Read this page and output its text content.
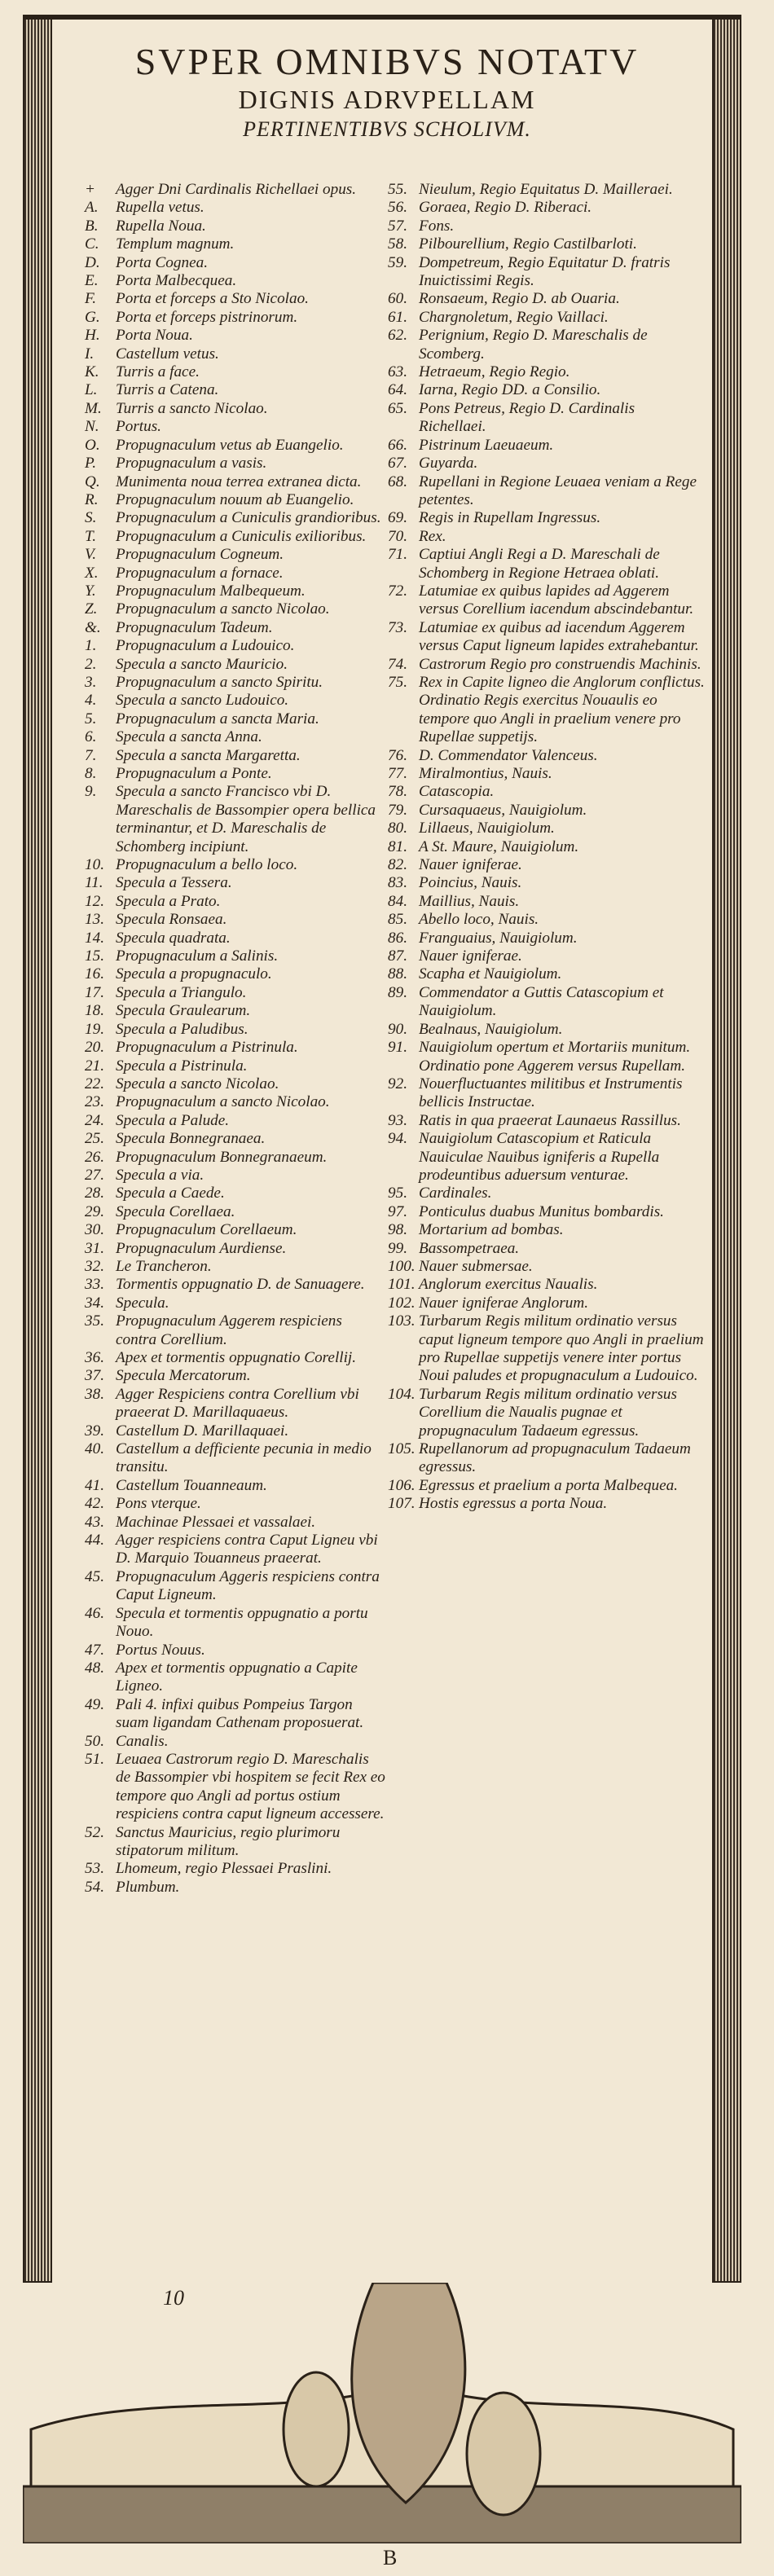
SVPER OMNIBVS NOTATV
DIGNIS ADRVPELLAM
PERTINENTIBVS SCHOLIVM.
+	Agger Dni Cardinalis Richellaei opus.
A.	Rupella vetus.
B.	Rupella Noua.
C.	Templum magnum.
D.	Porta Cognea.
E.	Porta Malbecquea.
F.	Porta et forceps a Sto Nicolao.
G.	Porta et forceps pistrinorum.
H.	Porta Noua.
I.	Castellum vetus.
K.	Turris a face.
L.	Turris a Catena.
M. Turris a sancto Nicolao.
N.	Portus.
O.	Propugnaculum vetus ab Euangelio.
P.	Propugnaculum a vasis.
Q.	Munimenta noua terrea extranea dicta.
R.	Propugnaculum nouum ab Euangelio.
S.	Propugnaculum a Cuniculis grandioribus.
T.	Propugnaculum a Cuniculis exilioribus.
V.	Propugnaculum Cogneum.
X.	Propugnaculum a fornace.
Y.	Propugnaculum Malbequeum.
Z.	Propugnaculum a sancto Nicolao.
&. Propugnaculum Tadeum.
1.	Propugnaculum a Ludouico.
2.	Specula a sancto Mauricio.
3.	Propugnaculum a sancto Spiritu.
4.	Specula a sancto Ludouico.
5.	Propugnaculum a sancta Maria.
6.	Specula a sancta Anna.
7.	Specula a sancta Margaretta.
8.	Propugnaculum a Ponte.
9.	Specula a sancto Francisco vbi D. Mareschalis de Bassompier opera bellica terminantur, et D. Mareschalis de Schomberg incipiunt.
10. Propugnaculum a bello loco.
11. Specula a Tessera.
12. Specula a Prato.
13. Specula Ronsaea.
14. Specula quadrata.
15. Propugnaculum a Salinis.
16. Specula a propugnaculo.
17. Specula a Triangulo.
18. Specula Graulearum.
19. Specula a Paludibus.
20. Propugnaculum a Pistrinula.
21. Specula a Pistrinula.
22. Specula a sancto Nicolao.
23. Propugnaculum a sancto Nicolao.
24. Specula a Palude.
25. Specula Bonnegranaea.
26. Propugnaculum Bonnegranaeum.
27. Specula a via.
28. Specula a Caede.
29. Specula Corellaea.
30. Propugnaculum Corellaeum.
31. Propugnaculum Aurdiense.
32. Le Trancheron.
33. Tormentis oppugnatio D. de Sanuagere.
34. Specula.
35. Propugnaculum Aggerem respiciens contra Corellium.
36. Apex et tormentis oppugnatio Corellij.
37. Specula Mercatorum.
38. Agger Respiciens contra Corellium vbi praeerat D. Marillaquaeus.
39. Castellum D. Marillaquaei.
40. Castellum a defficiente pecunia in medio transitu.
41. Castellum Touanneaum.
42. Pons vterque.
43. Machinae Plessaei et vassalaei.
44. Agger respiciens contra Caput Ligneu vbi D. Marquio Touanneus praeerat.
45. Propugnaculum Aggeris respiciens contra Caput Ligneum.
46. Specula et tormentis oppugnatio a portu Nouo.
47. Portus Nouus.
48. Apex et tormentis oppugnatio a Capite Ligneo.
49. Pali 4. infixi quibus Pompeius Targon suam ligandam Cathenam proposuerat.
50. Canalis.
51. Leuaea Castrorum regio D. Mareschalis de Bassompier vbi hospitem se fecit Rex eo tempore quo Angli ad portus ostium respiciens contra caput ligneum accessere.
52. Sanctus Mauricius, regio plurimoru stipatorum militum.
53. Lhomeum, regio Plessaei Praslini.
54. Plumbum.
55. Nieulum, Regio Equitatus D. Mailleraei.
56. Goraea, Regio D. Riberaci.
57. Fons.
58. Pilbourellium, Regio Castilbarloti.
59. Dompetreum, Regio Equitatur D. fratris Inuictissimi Regis.
60. Ronsaeum, Regio D. ab Ouaria.
61. Chargnoletum, Regio Vaillaci.
62. Perignium, Regio D. Mareschalis de Scomberg.
63. Hetraeum, Regio Regio.
64. Iarna, Regio DD. a Consilio.
65. Pons Petreus, Regio D. Cardinalis Richellaei.
66. Pistrinum Laeuaeum.
67. Guyarda.
68. Rupellani in Regione Leuaea veniam a Rege petentes.
69. Regis in Rupellam Ingressus.
70. Rex.
71. Captiui Angli Regi a D. Mareschali de Schomberg in Regione Hetraea oblati.
72. Latumiae ex quibus lapides ad Aggerem versus Corellium iacendum abscindebantur.
73. Latumiae ex quibus ad iacendum Aggerem versus Caput ligneum lapides extrahebantur.
74. Castrorum Regio pro construendis Machinis.
75. Rex in Capite ligneo die Anglorum conflictus.
Ordinatio Regis exercitus Nouaulis eo tempore quo Angli in praelium venere pro Rupellae suppetijs.
76. D. Commendator Valenceus.
77. Miralmontius, Nauis.
78. Catascopia.
79. Cursaquaeus, Nauigiolum.
80. Lillaeus, Nauigiolum.
81. A St. Maure, Nauigiolum.
82. Nauer igniferae.
83. Poincius, Nauis.
84. Maillius, Nauis.
85. Abello loco, Nauis.
86. Franguaius, Nauigiolum.
87. Nauer igniferae.
88. Scapha et Nauigiolum.
89. Commendator a Guttis Catascopium et Nauigiolum.
90. Bealnaus, Nauigiolum.
91. Nauigiolum opertum et Mortariis munitum.
Ordinatio pone Aggerem versus Rupellam.
92. Nouerfluctuantes militibus et Instrumentis bellicis Instructae.
93. Ratis in qua praeerat Launaeus Rassillus.
94. Nauigiolum Catascopium et Raticula Nauiculae Nauibus igniferis a Rupella prodeuntibus aduersum venturae.
95. Cardinales.
97. Ponticulus duabus Munitus bombardis.
98. Mortarium ad bombas.
99. Bassompetraea.
100. Nauer submersae.
101. Anglorum exercitus Naualis.
102. Nauer igniferae Anglorum.
103. Turbarum Regis militum ordinatio versus caput ligneum tempore quo Angli in praelium pro Rupellae suppetijs venere inter portus Noui paludes et propugnaculum a Ludouico.
104. Turbarum Regis militum ordinatio versus Corellium die Naualis pugnae et propugnaculum Tadaeum egressus.
105. Rupellanorum ad propugnaculum Tadaeum egressus.
106. Egressus et praelium a porta Malbequea.
107. Hostis egressus a porta Noua.
10
B
